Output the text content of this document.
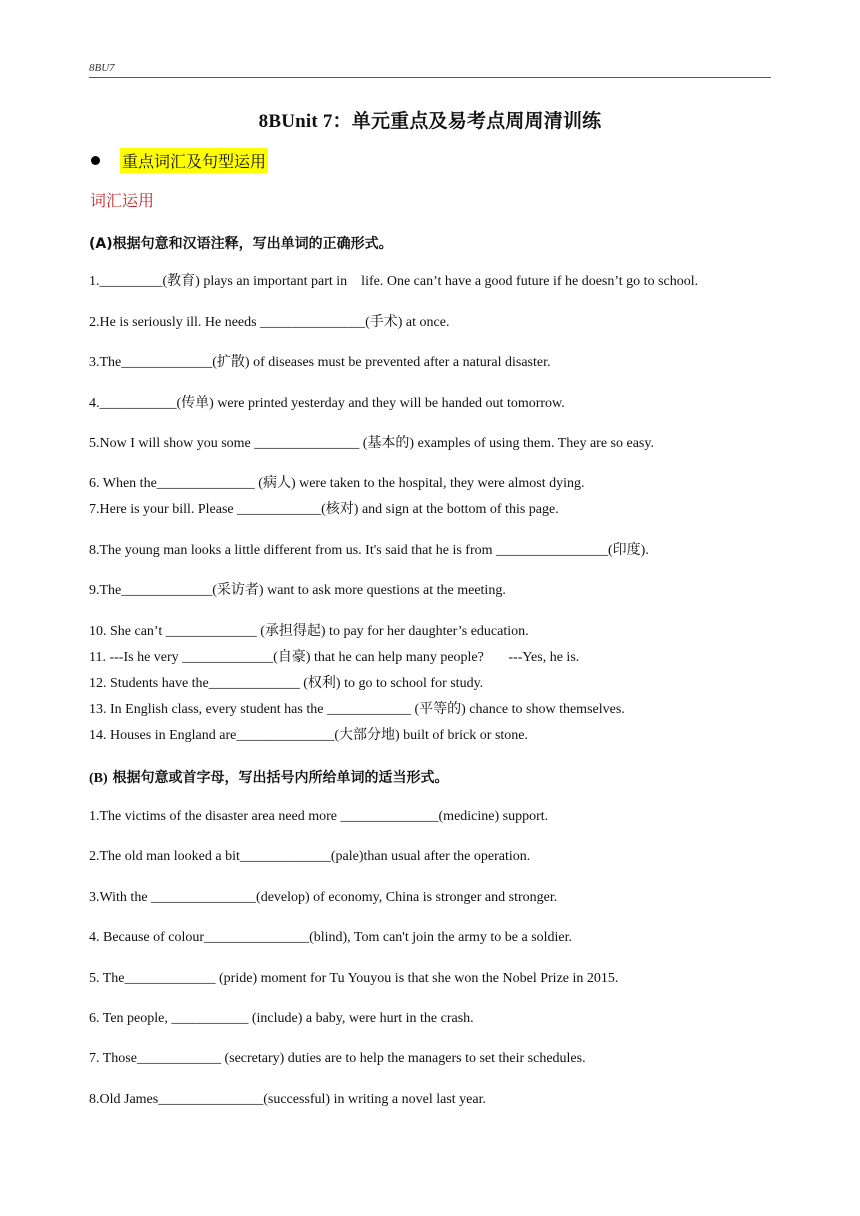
8BU7
8BUnit 7：单元重点及易考点周周清训练
重点词汇及句型运用
词汇运用
(A)根据句意和汉语注释，写出单词的正确形式。
1._________(教育) plays an important part in    life. One can’t have a good future if he doesn’t go to school.
2.He is seriously ill. He needs _______________(手术) at once.
3.The_____________(扩散) of diseases must be prevented after a natural disaster.
4.___________(传单) were printed yesterday and they will be handed out tomorrow.
5.Now I will show you some _______________ (基本的) examples of using them. They are so easy.
6. When the______________ (病人) were taken to the hospital, they were almost dying.
7.Here is your bill. Please ____________(核对) and sign at the bottom of this page.
8.The young man looks a little different from us. It's said that he is from ________________(印度).
9.The_____________(采访者) want to ask more questions at the meeting.
10. She can’t _____________ (承担得起) to pay for her daughter’s education.
11. ---Is he very _____________(自豪) that he can help many people?       ---Yes, he is.
12. Students have the_____________ (权利) to go to school for study.
13. In English class, every student has the ____________ (平等的) chance to show themselves.
14. Houses in England are______________(大部分地) built of brick or stone.
(B) 根据句意或首字母，写出括号内所给单词的适当形式。
1.The victims of the disaster area need more ______________(medicine) support.
2.The old man looked a bit_____________(pale)than usual after the operation.
3.With the _______________(develop) of economy, China is stronger and stronger.
4. Because of colour_______________(blind), Tom can't join the army to be a soldier.
5. The_____________ (pride) moment for Tu Youyou is that she won the Nobel Prize in 2015.
6. Ten people, ___________ (include) a baby, were hurt in the crash.
7. Those____________ (secretary) duties are to help the managers to set their schedules.
8.Old James_______________(successful) in writing a novel last year.
